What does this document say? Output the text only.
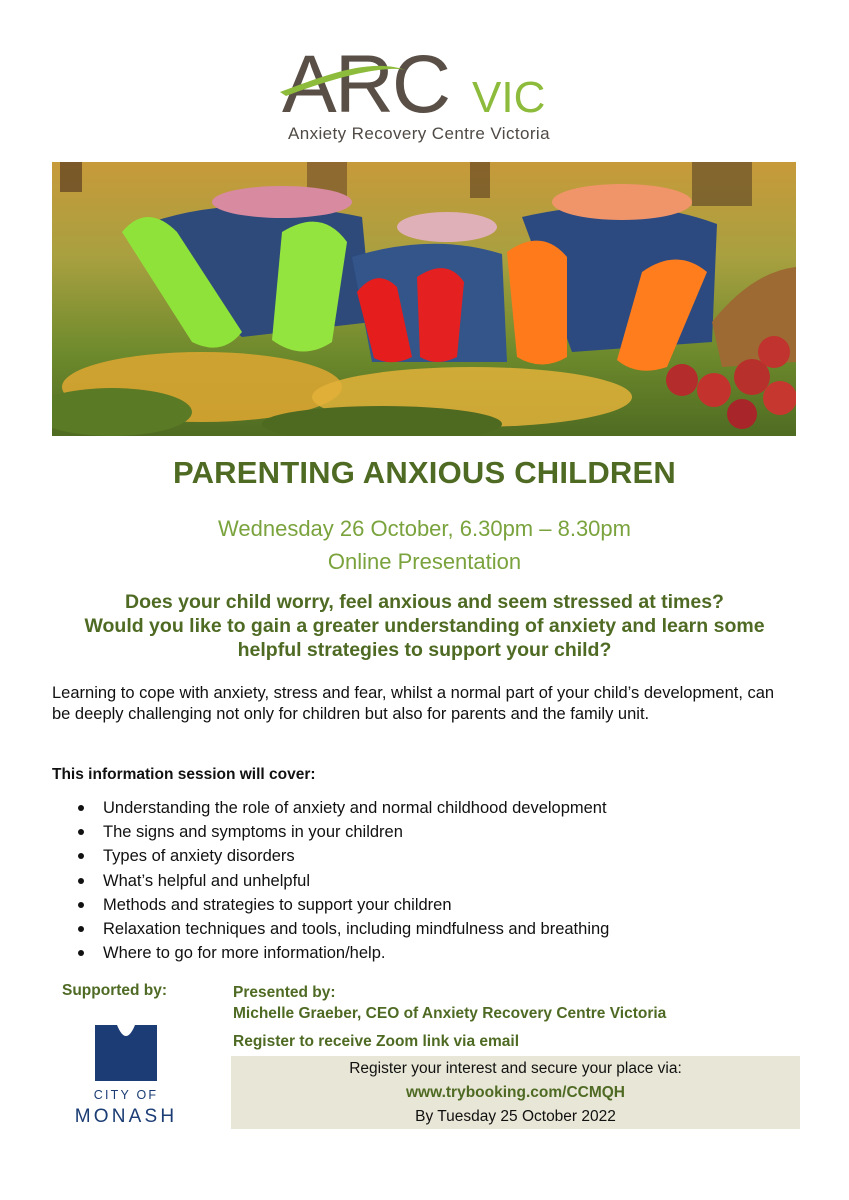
ARC VIC
Anxiety Recovery Centre Victoria
PARENTING ANXIOUS CHILDREN
Wednesday 26 October, 6.30pm – 8.30pm
Online Presentation
Does your child worry, feel anxious and seem stressed at times?
Would you like to gain a greater understanding of anxiety and learn some
helpful strategies to support your child?
Learning to cope with anxiety, stress and fear, whilst a normal part of your child’s development, can be deeply challenging not only for children but also for parents and the family unit.
This information session will cover:
Understanding the role of anxiety and normal childhood development
The signs and symptoms in your children
Types of anxiety disorders
What’s helpful and unhelpful
Methods and strategies to support your children
Relaxation techniques and tools, including mindfulness and breathing
Where to go for more information/help.
Supported by:
CITY OF
MONASH
Presented by:
Michelle Graeber, CEO of Anxiety Recovery Centre Victoria
Register to receive Zoom link via email
Register your interest and secure your place via:
www.trybooking.com/CCMQH
By Tuesday 25 October 2022
